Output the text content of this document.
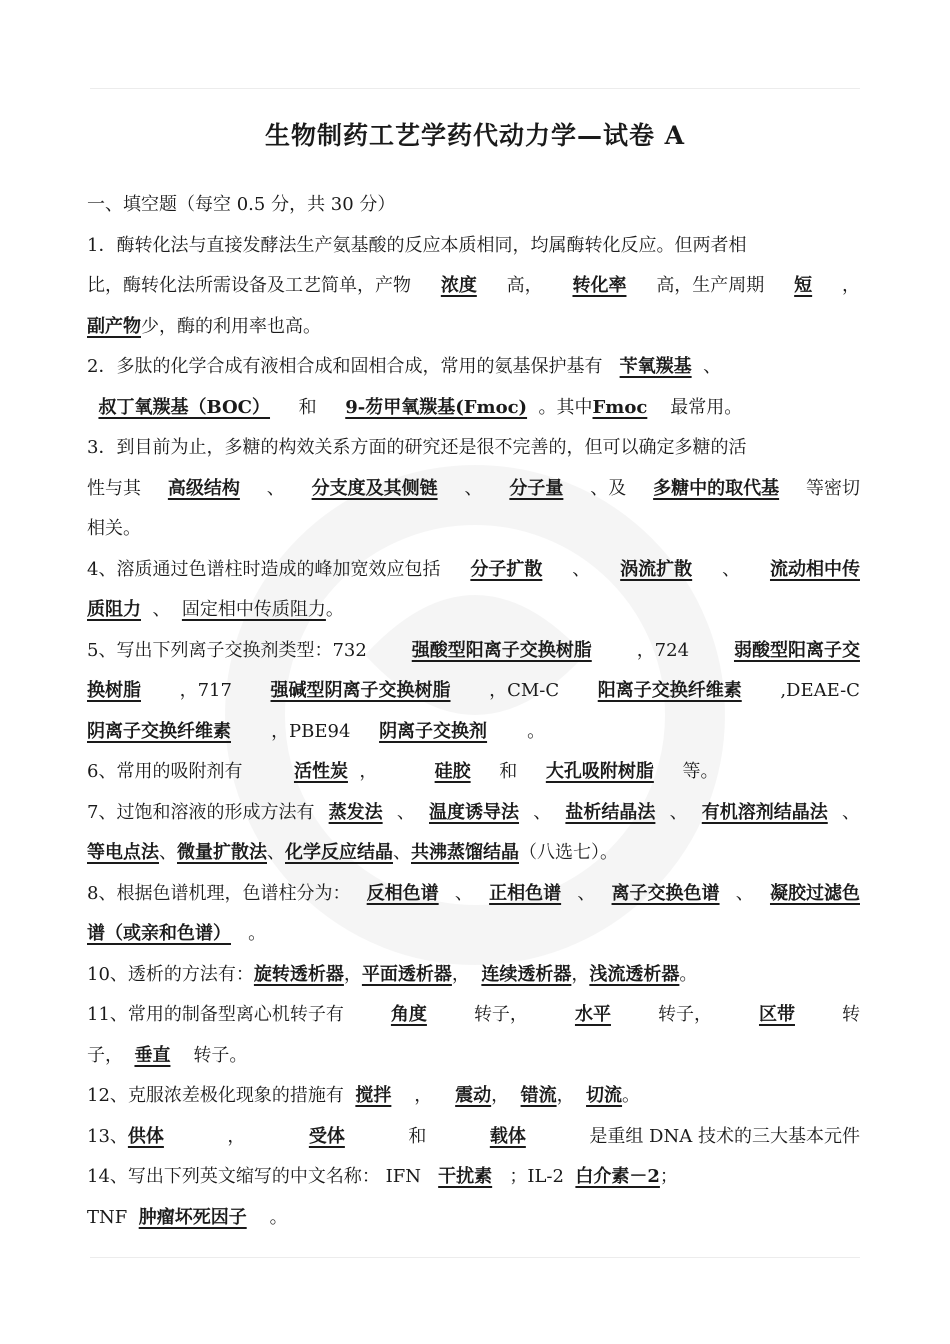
生物制药工艺学药代动力学—试卷 A
一、填空题（每空 0.5 分，共 30 分）
1．酶转化法与直接发酵法生产氨基酸的反应本质相同，均属酶转化反应。但两者相
比，酶转化法所需设备及工艺简单，产物 浓度 高， 转化率 高，生产周期 短 ，
副产物少，酶的利用率也高。
2．多肽的化学合成有液相合成和固相合成，常用的氨基保护基有 苄氧羰基 、
叔丁氧羰基（BOC） 和 9-芴甲氧羰基(Fmoc) 。其中Fmoc 最常用。
3．到目前为止，多糖的构效关系方面的研究还是很不完善的，但可以确定多糖的活
性与其 高级结构 、 分支度及其侧链 、 分子量 、及 多糖中的取代基 等密切
相关。
4、溶质通过色谱柱时造成的峰加宽效应包括 分子扩散 、 涡流扩散 、 流动相中传
质阻力 、 固定相中传质阻力。
5、写出下列离子交换剂类型：732 强酸型阳离子交换树脂 ，724 弱酸型阳离子交
换树脂 ，717 强碱型阴离子交换树脂 ，CM-C 阳离子交换纤维素 ,DEAE-C
阴离子交换纤维素 ，PBE94 阴离子交换剂 。
6、常用的吸附剂有	活性炭 ，	硅胶 和 大孔吸附树脂 等。
7、过饱和溶液的形成方法有 蒸发法 、 温度诱导法 、 盐析结晶法 、 有机溶剂结晶法 、
等电点法、微量扩散法、化学反应结晶、共沸蒸馏结晶（八选七）。
8、根据色谱机理，色谱柱分为： 反相色谱 、 正相色谱 、 离子交换色谱 、 凝胶过滤色
谱（或亲和色谱） 。
10、透析的方法有：旋转透析器，平面透析器， 连续透析器，浅流透析器。
11、常用的制备型离心机转子有	角度	转子，	水平	转子，	区带	转
子， 垂直 转子。
12、克服浓差极化现象的措施有 搅拌 ， 震动， 错流， 切流。
13、供体	，	受体	和	载体	是重组 DNA 技术的三大基本元件
14、写出下列英文缩写的中文名称： IFN 干扰素 ；IL-2 白介素－2；
TNF 肿瘤坏死因子 。
